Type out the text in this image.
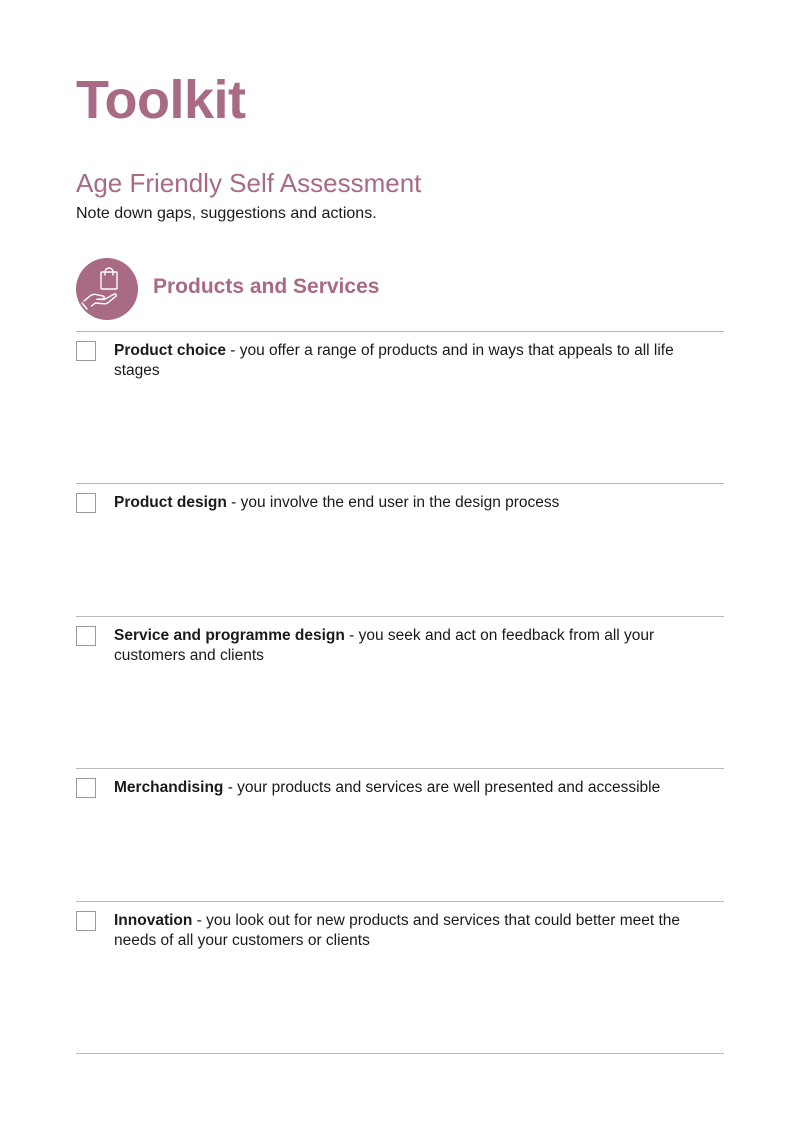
Toolkit
Age Friendly Self Assessment

Note down gaps, suggestions and actions.

Products and Services

Product choice - you offer a range of products and in ways that appeals to all life stages

Product design - you involve the end user in the design process

Service and programme design - you seek and act on feedback from all your customers and clients

Merchandising - your products and services are well presented and accessible

Innovation - you look out for new products and services that could better meet the needs of all your customers or clients
